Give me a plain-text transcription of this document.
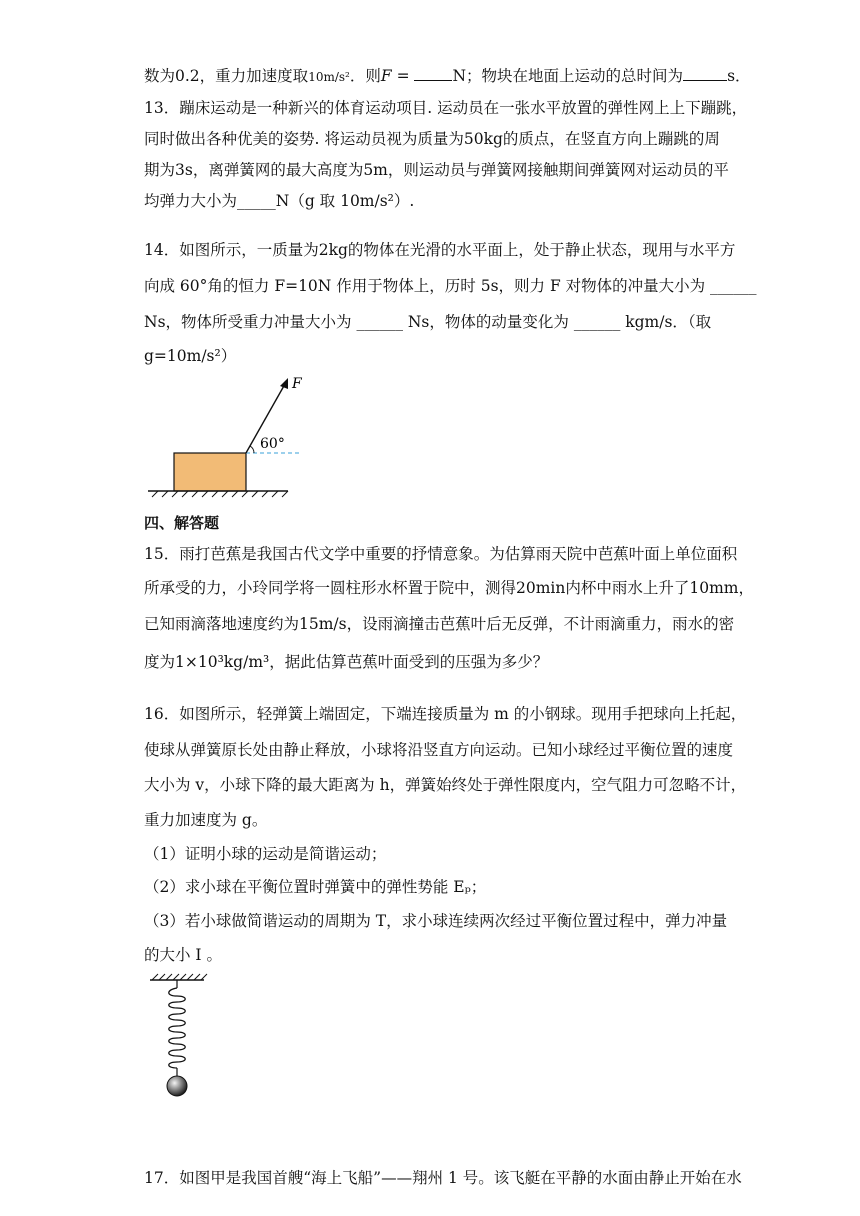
数为0.2，重力加速度取10m/s²．则F = N；物块在地面上运动的总时间为	s．
13．蹦床运动是一种新兴的体育运动项目. 运动员在一张水平放置的弹性网上上下蹦跳，
同时做出各种优美的姿势. 将运动员视为质量为50kg的质点，在竖直方向上蹦跳的周
期为3s，离弹簧网的最大高度为5m，则运动员与弹簧网接触期间弹簧网对运动员的平
均弹力大小为_____N（g 取 10m/s²）.
14．如图所示，一质量为2kg的物体在光滑的水平面上，处于静止状态，现用与水平方
向成 60°角的恒力 F=10N 作用于物体上，历时 5s，则力 F 对物体的冲量大小为 ______
Ns，物体所受重力冲量大小为 ______ Ns，物体的动量变化为 ______ kgm/s．（取
g=10m/s²）
F
60°
四、解答题
15．雨打芭蕉是我国古代文学中重要的抒情意象。为估算雨天院中芭蕉叶面上单位面积
所承受的力，小玲同学将一圆柱形水杯置于院中，测得20min内杯中雨水上升了10mm，
已知雨滴落地速度约为15m/s，设雨滴撞击芭蕉叶后无反弹，不计雨滴重力，雨水的密
度为1×10³kg/m³，据此估算芭蕉叶面受到的压强为多少？
16．如图所示，轻弹簧上端固定，下端连接质量为 m 的小钢球。现用手把球向上托起，
使球从弹簧原长处由静止释放，小球将沿竖直方向运动。已知小球经过平衡位置的速度
大小为 v，小球下降的最大距离为 h，弹簧始终处于弹性限度内，空气阻力可忽略不计，
重力加速度为 g。
（1）证明小球的运动是简谐运动；
（2）求小球在平衡位置时弹簧中的弹性势能 Eₚ；
（3）若小球做简谐运动的周期为 T，求小球连续两次经过平衡位置过程中，弹力冲量
的大小 I 。
17．如图甲是我国首艘“海上飞船”——翔州 1 号。该飞艇在平静的水面由静止开始在水
